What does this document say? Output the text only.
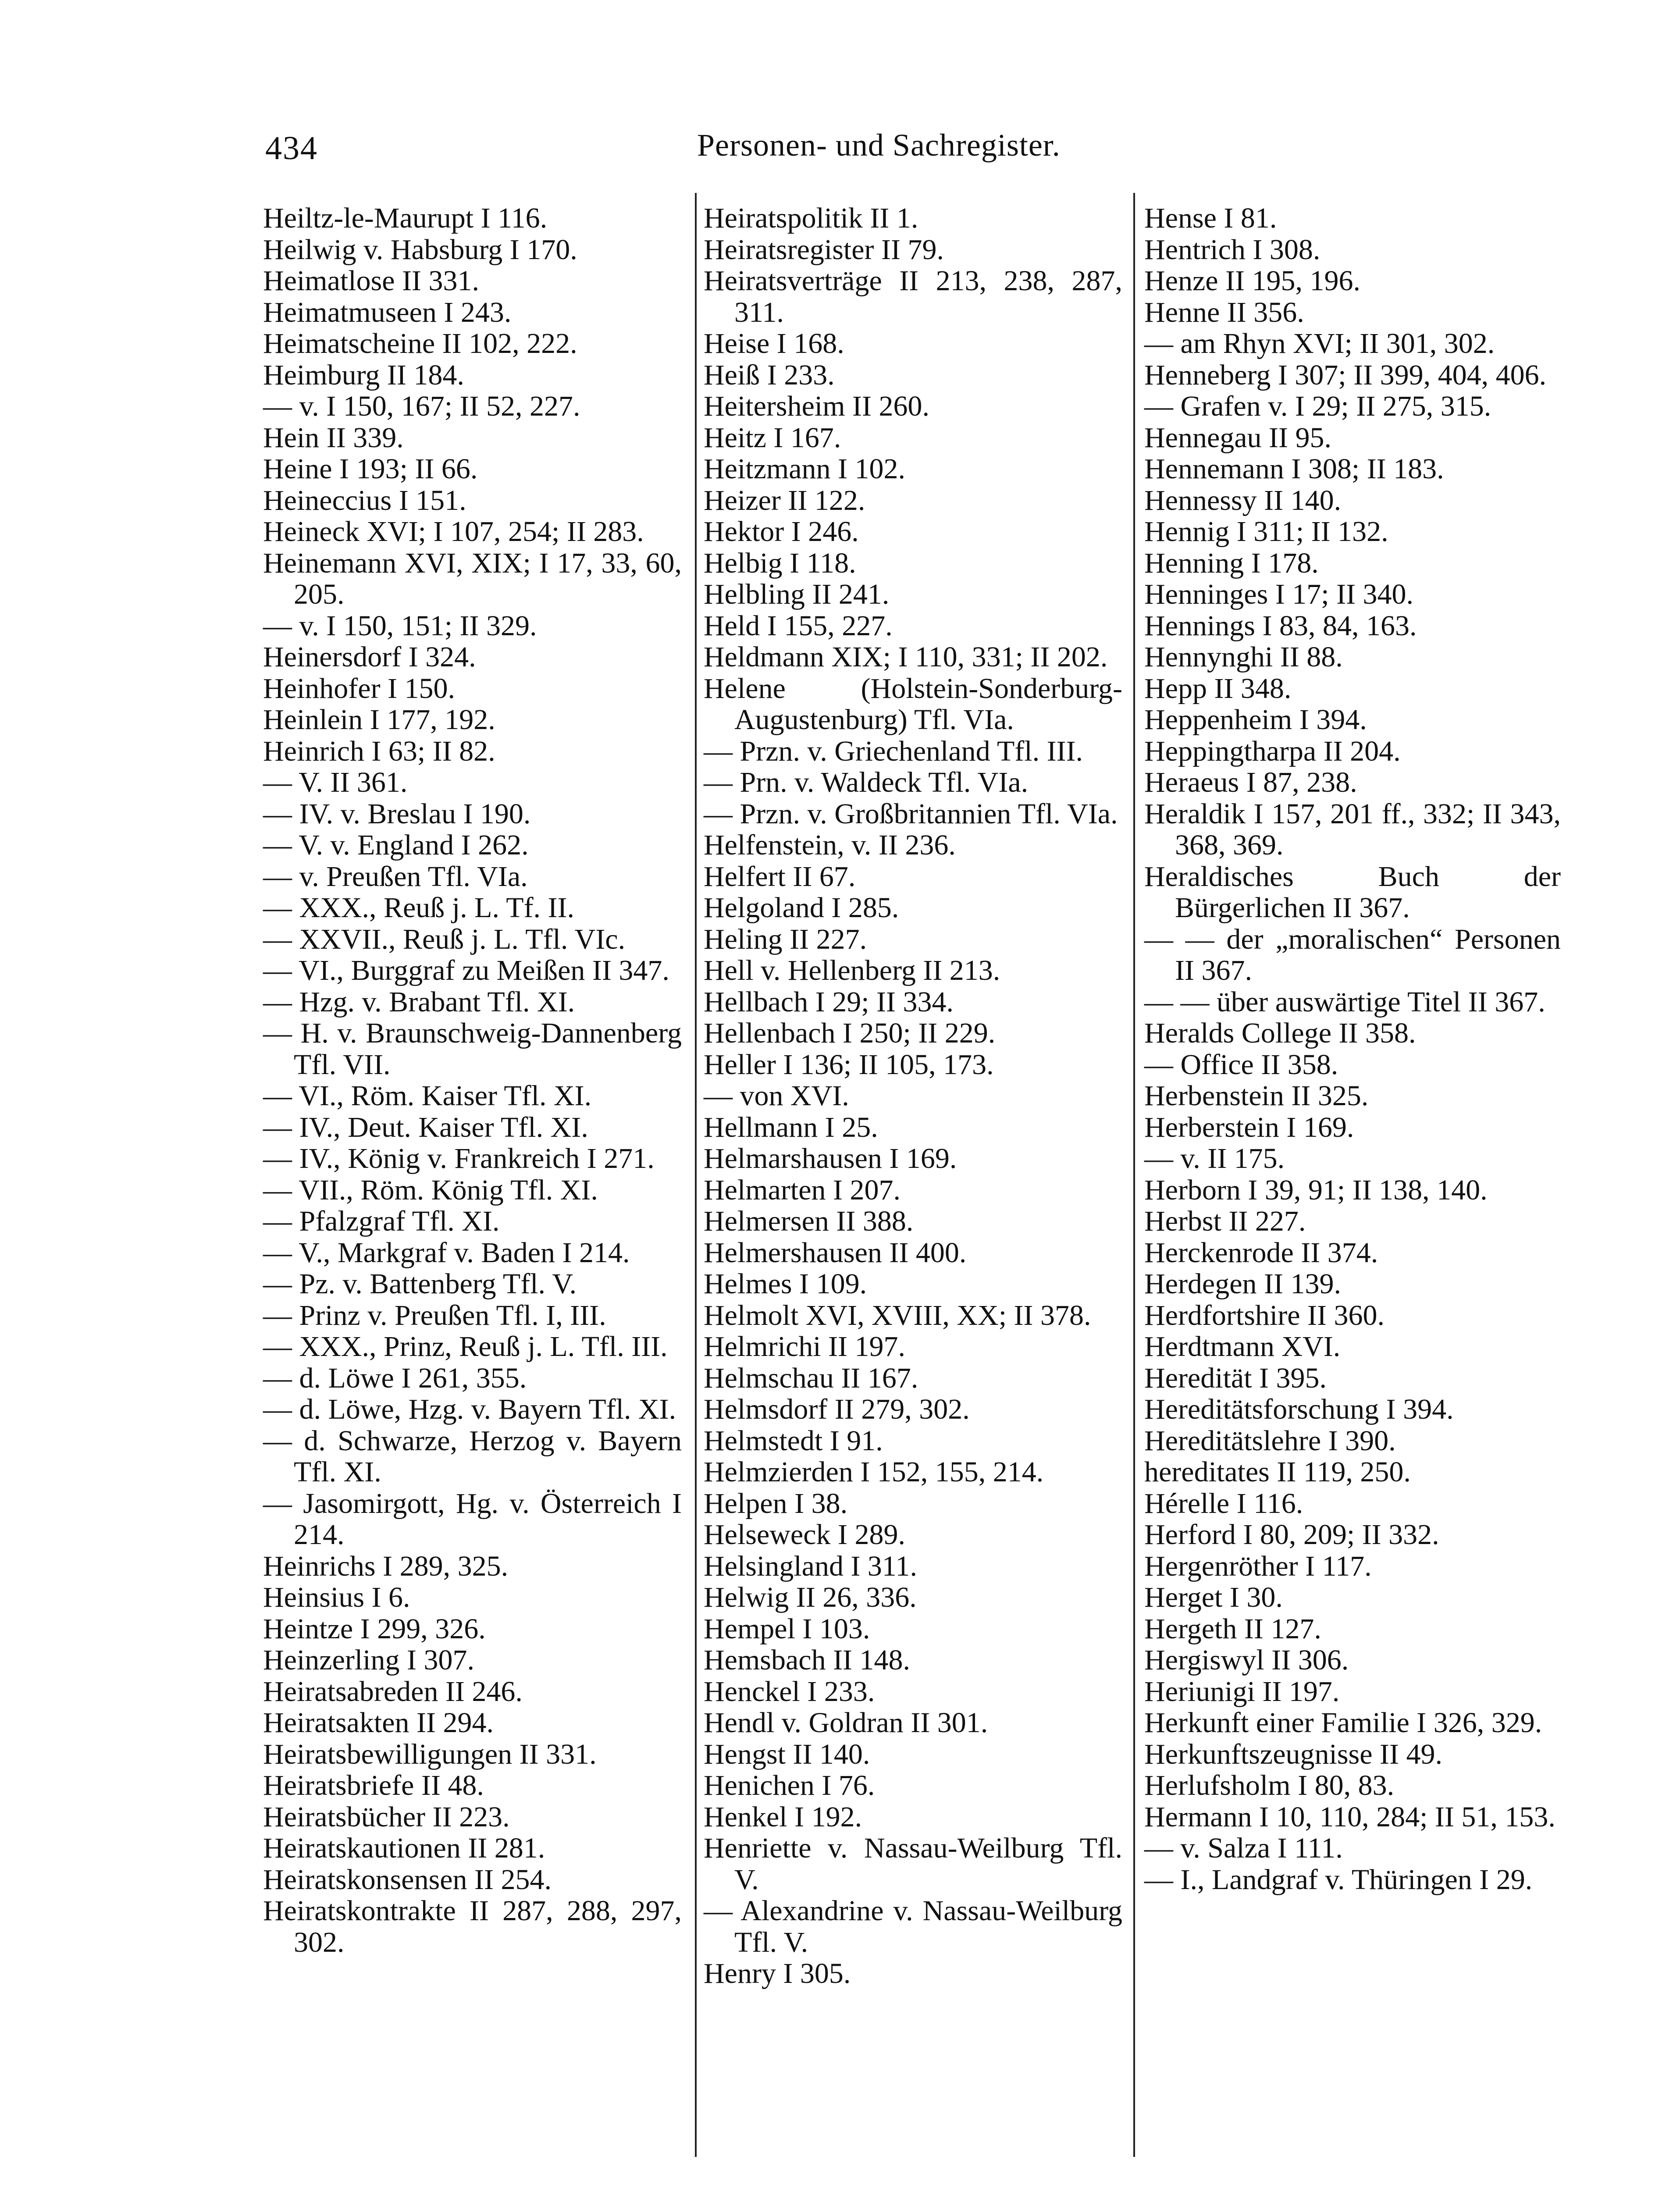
434	Personen- und Sachregister.
Heiltz-le-Maurupt I 116.
Heilwig v. Habsburg I 170.
Heimatlose II 331.
Heimatmuseen I 243.
Heimatscheine II 102, 222.
Heimburg II 184.
— v. I 150, 167; II 52, 227.
Hein II 339.
Heine I 193; II 66.
Heineccius I 151.
Heineck XVI; I 107, 254; II 283.
Heinemann XVI, XIX; I 17, 33, 60, 205.
— v. I 150, 151; II 329.
Heinersdorf I 324.
Heinhofer I 150.
Heinlein I 177, 192.
Heinrich I 63; II 82.
— V. II 361.
— IV. v. Breslau I 190.
— V. v. England I 262.
— v. Preußen Tfl. VIa.
— XXX., Reuß j. L. Tf. II.
— XXVII., Reuß j. L. Tfl. VIc.
— VI., Burggraf zu Meißen II 347.
— Hzg. v. Brabant Tfl. XI.
— H. v. Braunschweig-Dannenberg Tfl. VII.
— VI., Röm. Kaiser Tfl. XI.
— IV., Deut. Kaiser Tfl. XI.
— IV., König v. Frankreich I 271.
— VII., Röm. König Tfl. XI.
— Pfalzgraf Tfl. XI.
— V., Markgraf v. Baden I 214.
— Pz. v. Battenberg Tfl. V.
— Prinz v. Preußen Tfl. I, III.
— XXX., Prinz, Reuß j. L. Tfl. III.
— d. Löwe I 261, 355.
— d. Löwe, Hzg. v. Bayern Tfl. XI.
— d. Schwarze, Herzog v. Bayern Tfl. XI.
— Jasomirgott, Hg. v. Österreich I 214.
Heinrichs I 289, 325.
Heinsius I 6.
Heintze I 299, 326.
Heinzerling I 307.
Heiratsabreden II 246.
Heiratsakten II 294.
Heiratsbewilligungen II 331.
Heiratsbriefe II 48.
Heiratsbücher II 223.
Heiratskautionen II 281.
Heiratskonsensen II 254.
Heiratskontrakte II 287, 288, 297, 302.
Heiratspolitik II 1.
Heiratsregister II 79.
Heiratsverträge II 213, 238, 287, 311.
Heise I 168.
Heiß I 233.
Heitersheim II 260.
Heitz I 167.
Heitzmann I 102.
Heizer II 122.
Hektor I 246.
Helbig I 118.
Helbling II 241.
Held I 155, 227.
Heldmann XIX; I 110, 331; II 202.
Helene (Holstein-Sonderburg-Augustenburg) Tfl. VIa.
— Przn. v. Griechenland Tfl. III.
— Prn. v. Waldeck Tfl. VIa.
— Przn. v. Großbritannien Tfl. VIa.
Helfenstein, v. II 236.
Helfert II 67.
Helgoland I 285.
Heling II 227.
Hell v. Hellenberg II 213.
Hellbach I 29; II 334.
Hellenbach I 250; II 229.
Heller I 136; II 105, 173.
— von XVI.
Hellmann I 25.
Helmarshausen I 169.
Helmarten I 207.
Helmersen II 388.
Helmershausen II 400.
Helmes I 109.
Helmolt XVI, XVIII, XX; II 378.
Helmrichi II 197.
Helmschau II 167.
Helmsdorf II 279, 302.
Helmstedt I 91.
Helmzierden I 152, 155, 214.
Helpen I 38.
Helseweck I 289.
Helsingland I 311.
Helwig II 26, 336.
Hempel I 103.
Hemsbach II 148.
Henckel I 233.
Hendl v. Goldran II 301.
Hengst II 140.
Henichen I 76.
Henkel I 192.
Henriette v. Nassau-Weilburg Tfl. V.
— Alexandrine v. Nassau-Weilburg Tfl. V.
Henry I 305.
Hense I 81.
Hentrich I 308.
Henze II 195, 196.
Henne II 356.
— am Rhyn XVI; II 301, 302.
Henneberg I 307; II 399, 404, 406.
— Grafen v. I 29; II 275, 315.
Hennegau II 95.
Hennemann I 308; II 183.
Hennessy II 140.
Hennig I 311; II 132.
Henning I 178.
Henninges I 17; II 340.
Hennings I 83, 84, 163.
Hennynghi II 88.
Hepp II 348.
Heppenheim I 394.
Heppingtharpa II 204.
Heraeus I 87, 238.
Heraldik I 157, 201 ff., 332; II 343, 368, 369.
Heraldisches Buch der Bürgerlichen II 367.
— — der „moralischen“ Personen II 367.
— — über auswärtige Titel II 367.
Heralds College II 358.
— Office II 358.
Herbenstein II 325.
Herberstein I 169.
— v. II 175.
Herborn I 39, 91; II 138, 140.
Herbst II 227.
Herckenrode II 374.
Herdegen II 139.
Herdfortshire II 360.
Herdtmann XVI.
Heredität I 395.
Hereditätsforschung I 394.
Hereditätslehre I 390.
hereditates II 119, 250.
Hérelle I 116.
Herford I 80, 209; II 332.
Hergenröther I 117.
Herget I 30.
Hergeth II 127.
Hergiswyl II 306.
Heriunigi II 197.
Herkunft einer Familie I 326, 329.
Herkunftszeugnisse II 49.
Herlufsholm I 80, 83.
Hermann I 10, 110, 284; II 51, 153.
— v. Salza I 111.
— I., Landgraf v. Thüringen I 29.
